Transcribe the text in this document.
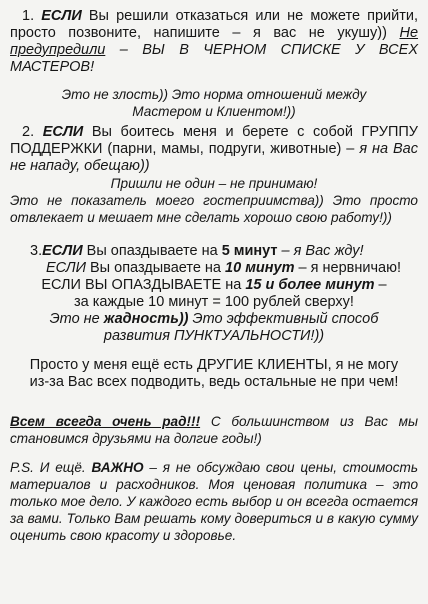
1. ЕСЛИ Вы решили отказаться или не можете прийти, просто позвоните, напишите – я вас не укушу)) Не предупредили – ВЫ В ЧЕРНОМ СПИСКЕ У ВСЕХ МАСТЕРОВ!

Это не злость)) Это норма отношений между

Мастером и Клиентом!))

2. ЕСЛИ Вы боитесь меня и берете с собой ГРУППУ ПОДДЕРЖКИ (парни, мамы, подруги, животные) – я на Вас не нападу, обещаю))

Пришли не один – не принимаю!

Это не показатель моего гостеприимства)) Это просто отвлекает и мешает мне сделать хорошо свою работу!))

3.ЕСЛИ Вы опаздываете на 5 минут – я Вас жду!

ЕСЛИ Вы опаздываете на 10 минут – я нервничаю!

ЕСЛИ ВЫ ОПАЗДЫВАЕТЕ на 15 и более минут –

за каждые 10 минут = 100 рублей сверху!

Это не жадность)) Это эффективный способ

развития ПУНКТУАЛЬНОСТИ!))

Просто у меня ещё есть ДРУГИЕ КЛИЕНТЫ, я не могу

из-за Вас всех подводить, ведь остальные не при чем!

Всем всегда очень рад!!! С большинством из Вас мы становимся друзьями на долгие годы!)

P.S. И ещё. ВАЖНО – я не обсуждаю свои цены, стоимость материалов и расходников. Моя ценовая политика – это только мое дело. У каждого есть выбор и он всегда остается за вами. Только Вам решать кому довериться и в какую сумму оценить свою красоту и здоровье.
